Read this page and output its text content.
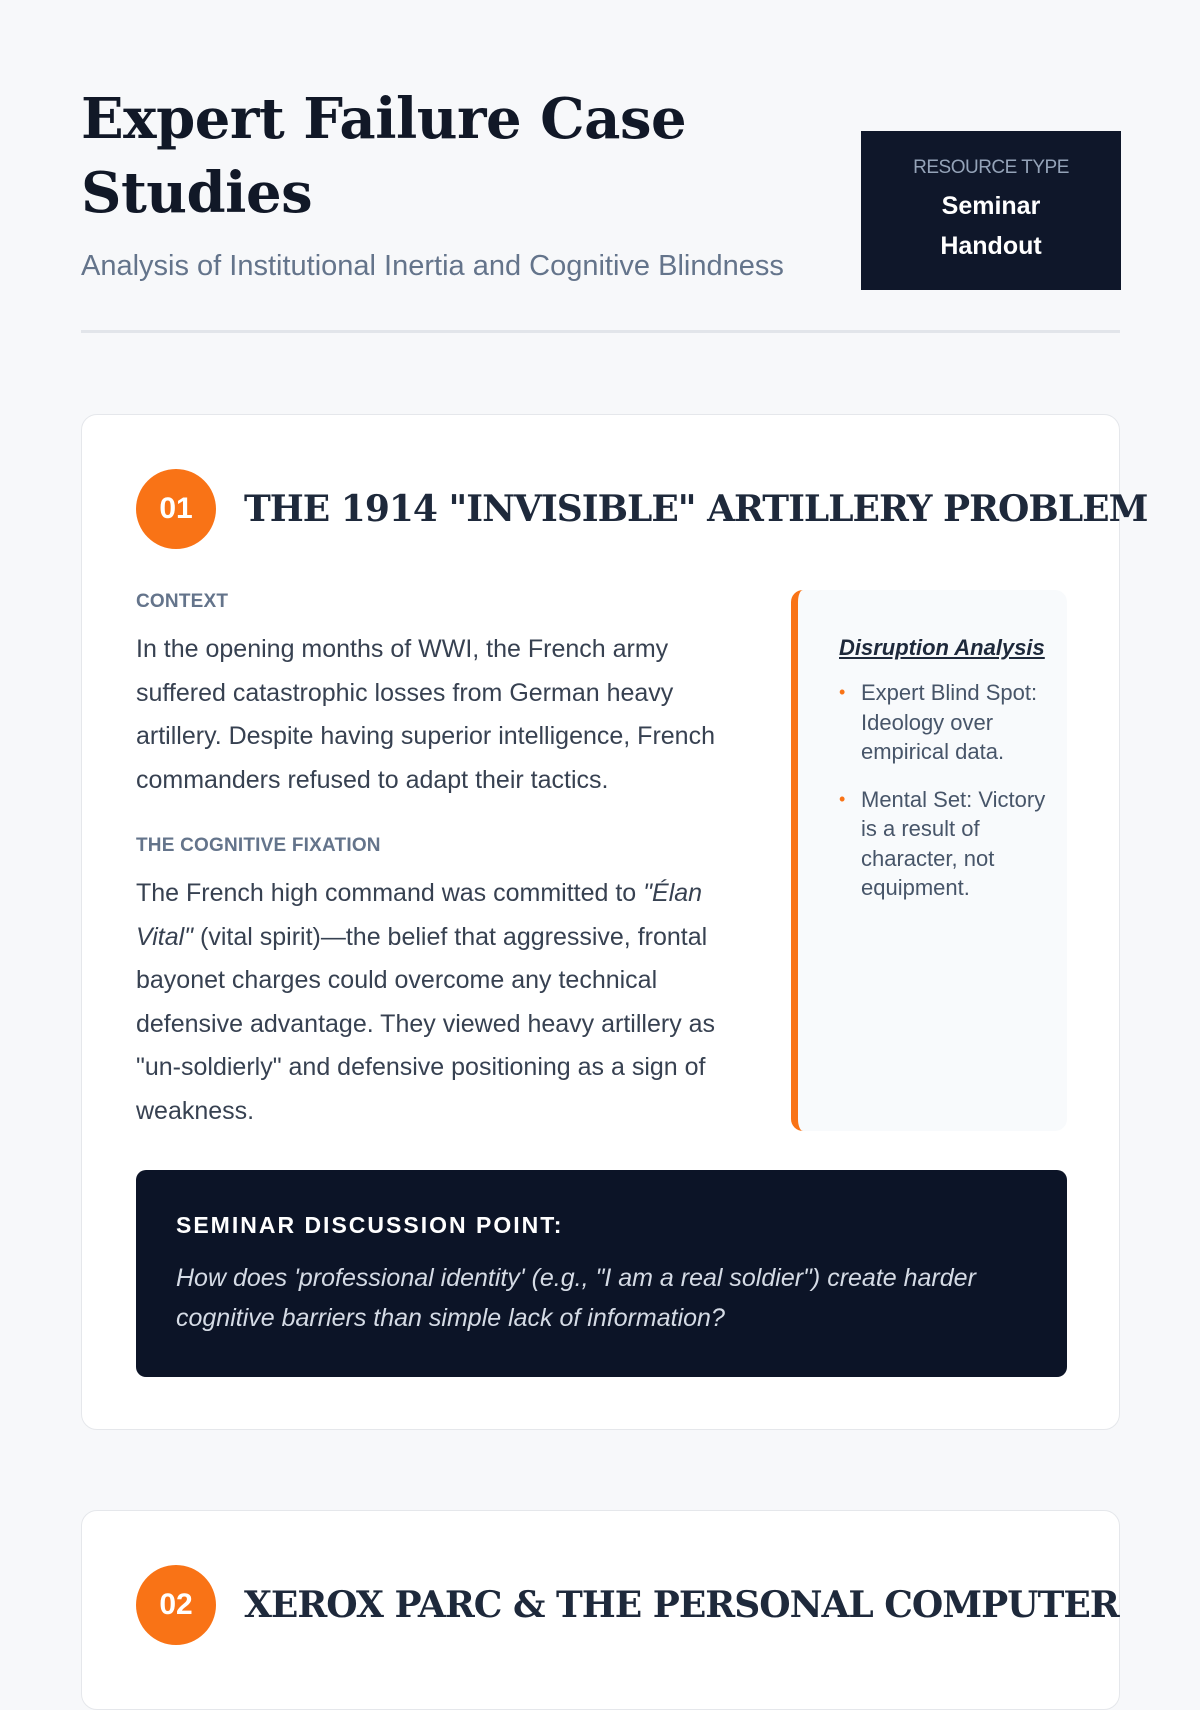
Expert Failure Case Studies
Analysis of Institutional Inertia and Cognitive Blindness
RESOURCE TYPE
Seminar Handout
01	THE 1914 "INVISIBLE" ARTILLERY PROBLEM
CONTEXT

In the opening months of WWI, the French army suffered catastrophic losses from German heavy artillery. Despite having superior intelligence, French commanders refused to adapt their tactics.

THE COGNITIVE FIXATION

The French high command was committed to "Élan Vital" (vital spirit)—the belief that aggressive, frontal bayonet charges could overcome any technical defensive advantage. They viewed heavy artillery as "un-soldierly" and defensive positioning as a sign of weakness.

Disruption Analysis
• Expert Blind Spot: Ideology over empirical data.
• Mental Set: Victory is a result of character, not equipment.
SEMINAR DISCUSSION POINT:

How does 'professional identity' (e.g., "I am a real soldier") create harder cognitive barriers than simple lack of information?

02	XEROX PARC & THE PERSONAL COMPUTER
